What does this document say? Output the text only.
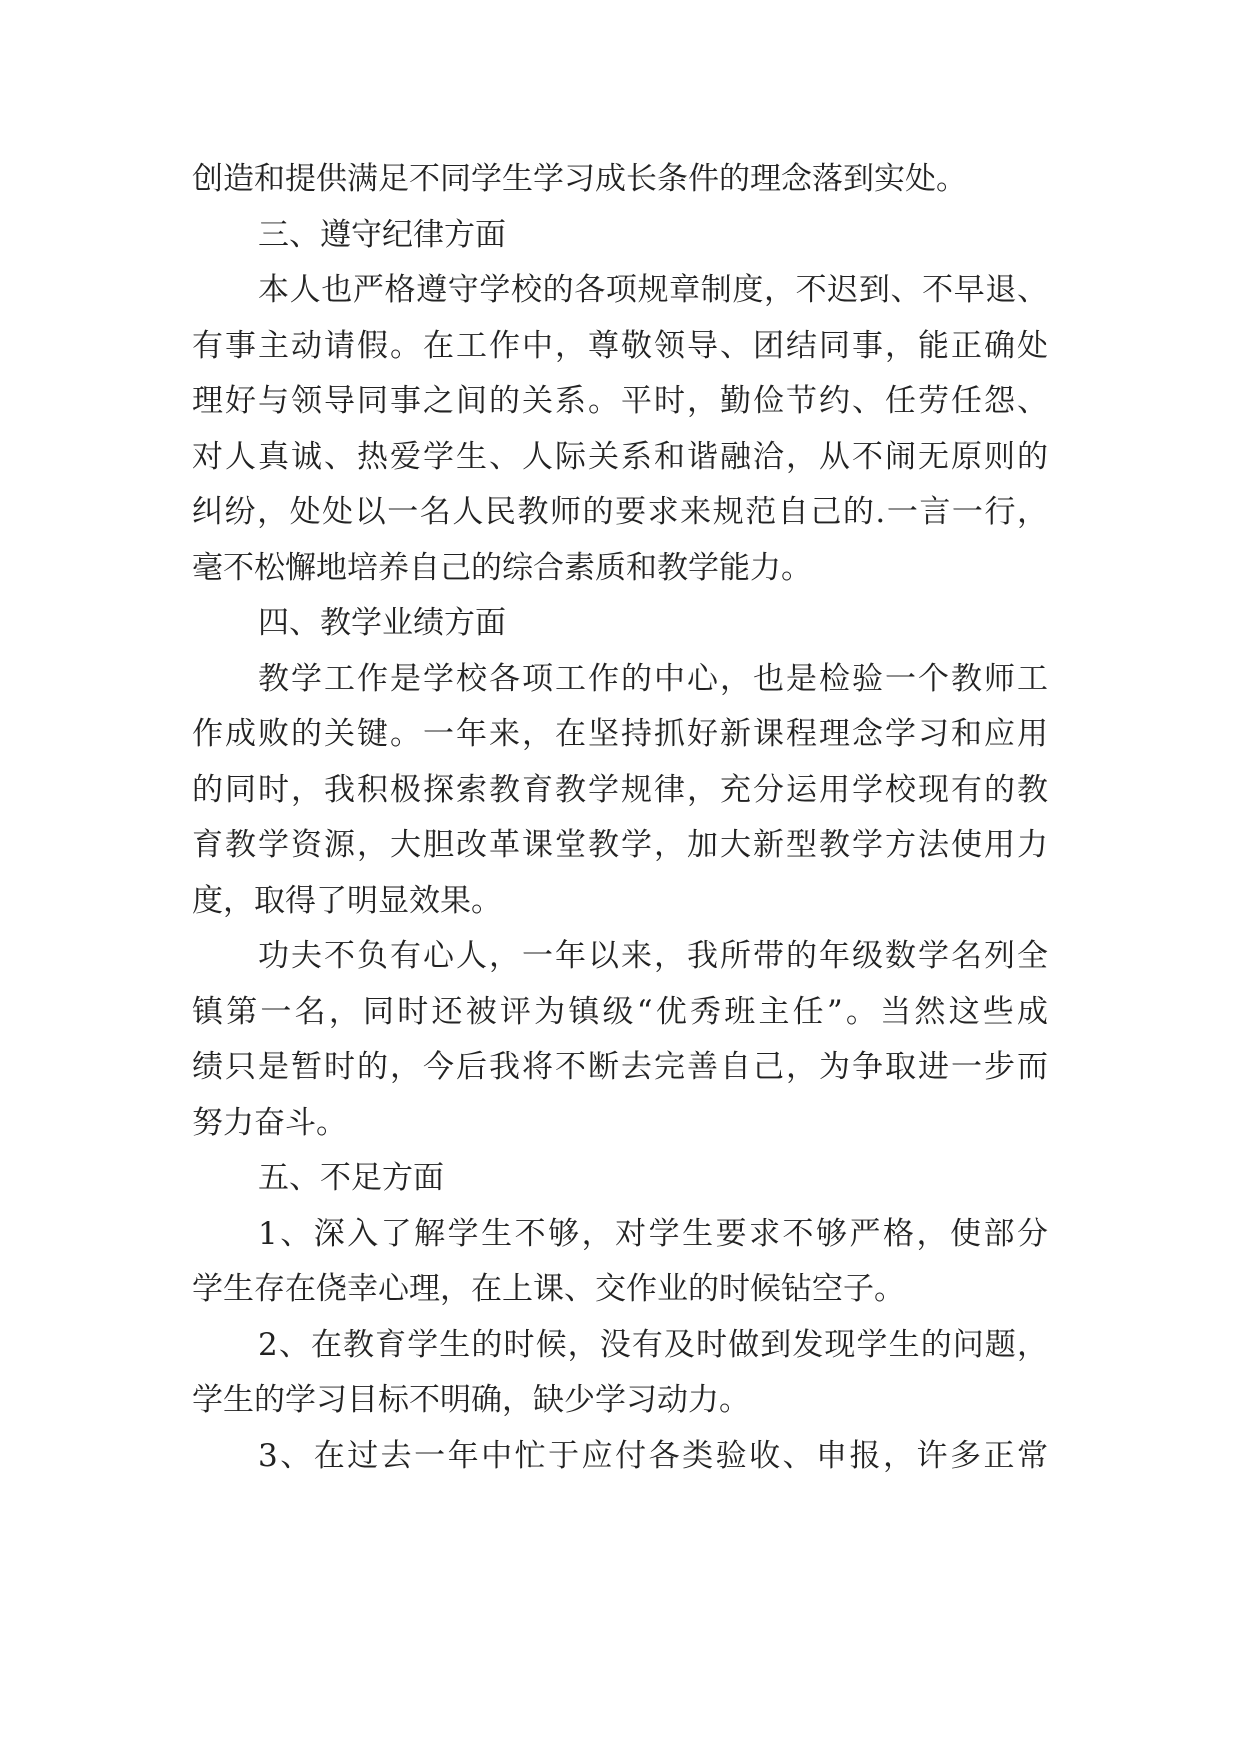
创造和提供满足不同学生学习成长条件的理念落到实处。
三、遵守纪律方面
本人也严格遵守学校的各项规章制度，不迟到、不早退、
有事主动请假。在工作中，尊敬领导、团结同事，能正确处
理好与领导同事之间的关系。平时，勤俭节约、任劳任怨、
对人真诚、热爱学生、人际关系和谐融洽，从不闹无原则的
纠纷，处处以一名人民教师的要求来规范自己的.一言一行，
毫不松懈地培养自己的综合素质和教学能力。
四、教学业绩方面
教学工作是学校各项工作的中心，也是检验一个教师工
作成败的关键。一年来，在坚持抓好新课程理念学习和应用
的同时，我积极探索教育教学规律，充分运用学校现有的教
育教学资源，大胆改革课堂教学，加大新型教学方法使用力
度，取得了明显效果。
功夫不负有心人，一年以来，我所带的年级数学名列全
镇第一名，同时还被评为镇级“优秀班主任”。当然这些成
绩只是暂时的，今后我将不断去完善自己，为争取进一步而
努力奋斗。
五、不足方面
1、深入了解学生不够，对学生要求不够严格，使部分
学生存在侥幸心理，在上课、交作业的时候钻空子。
2、在教育学生的时候，没有及时做到发现学生的问题，
学生的学习目标不明确，缺少学习动力。
3、在过去一年中忙于应付各类验收、申报，许多正常
